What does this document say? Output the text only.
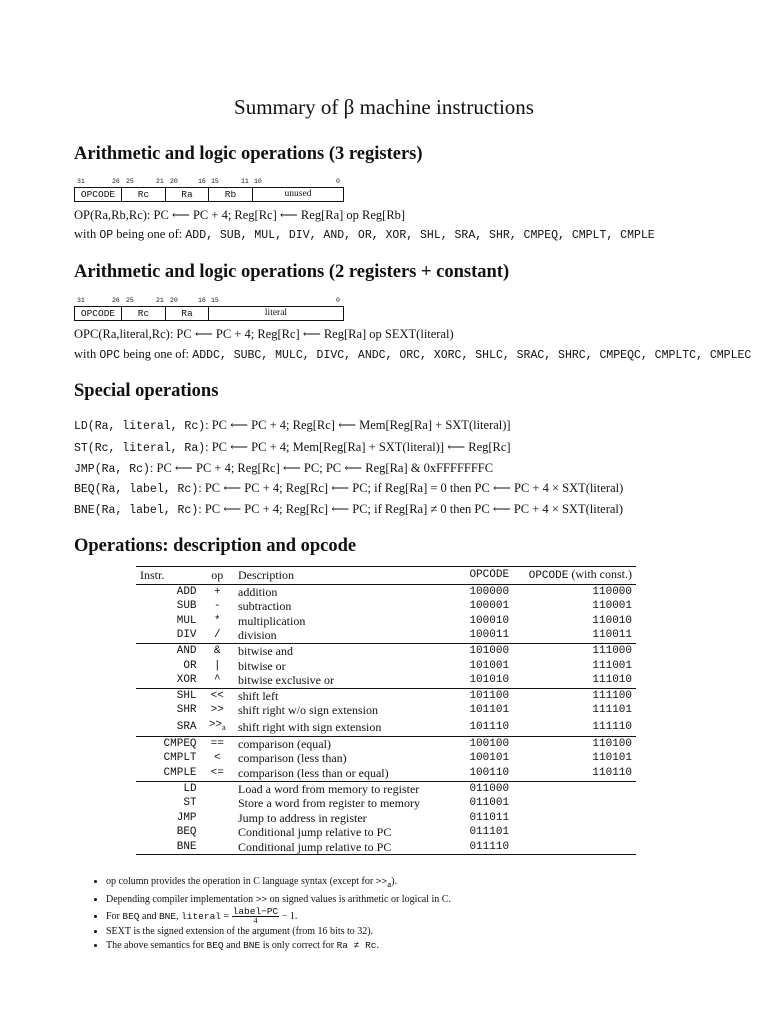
Summary of β machine instructions
Arithmetic and logic operations (3 registers)
31	26 25	21 20	16 15	11 10	0
OPCODE	Rc	Ra	Rb	unused
OP(Ra,Rb,Rc): PC ⟵ PC + 4; Reg[Rc] ⟵ Reg[Ra] op Reg[Rb]
with OP being one of: ADD, SUB, MUL, DIV, AND, OR, XOR, SHL, SRA, SHR, CMPEQ, CMPLT, CMPLE
Arithmetic and logic operations (2 registers + constant)
31	26 25	21 20	16 15	0
OPCODE	Rc	Ra	literal
OPC(Ra,literal,Rc): PC ⟵ PC + 4; Reg[Rc] ⟵ Reg[Ra] op SEXT(literal)
with OPC being one of: ADDC, SUBC, MULC, DIVC, ANDC, ORC, XORC, SHLC, SRAC, SHRC, CMPEQC, CMPLTC, CMPLEC
Special operations
LD(Ra, literal, Rc): PC ⟵ PC + 4; Reg[Rc] ⟵ Mem[Reg[Ra] + SXT(literal)]
ST(Rc, literal, Ra): PC ⟵ PC + 4; Mem[Reg[Ra] + SXT(literal)] ⟵ Reg[Rc]
JMP(Ra, Rc): PC ⟵ PC + 4; Reg[Rc] ⟵ PC; PC ⟵ Reg[Ra] & 0xFFFFFFFC
BEQ(Ra, label, Rc): PC ⟵ PC + 4; Reg[Rc] ⟵ PC; if Reg[Ra] = 0 then PC ⟵ PC + 4 × SXT(literal)
BNE(Ra, label, Rc): PC ⟵ PC + 4; Reg[Rc] ⟵ PC; if Reg[Ra] ≠ 0 then PC ⟵ PC + 4 × SXT(literal)
Operations: description and opcode
Instr.	op	Description	OPCODE	OPCODE (with const.)
ADD	+	addition	100000	110000
SUB	-	subtraction	100001	110001
MUL	*	multiplication	100010	110010
DIV	/	division	100011	110011
AND	&	bitwise and	101000	111000
OR	|	bitwise or	101001	111001
XOR	^	bitwise exclusive or	101010	111010
SHL	<<	shift left	101100	111100
SHR	>>	shift right w/o sign extension	101101	111101
SRA	$>>_a$	shift right with sign extension	101110	111110
CMPEQ	==	comparison (equal)	100100	110100
CMPLT	<	comparison (less than)	100101	110101
CMPLE	<=	comparison (less than or equal)	100110	110110
LD		Load a word from memory to register	011000	
ST		Store a word from register to memory	011001	
JMP		Jump to address in register	011011	
BEQ		Conditional jump relative to PC	011101	
BNE		Conditional jump relative to PC	011110	
• op column provides the operation in C language syntax (except for $>>_a$).
• Depending compiler implementation >> on signed values is arithmetic or logical in C.
• For BEQ and BNE, literal = $\frac{\text{label−PC}}{4} - 1$.
• SEXT is the signed extension of the argument (from 16 bits to 32).
• The above semantics for BEQ and BNE is only correct for Ra ≠ Rc.
